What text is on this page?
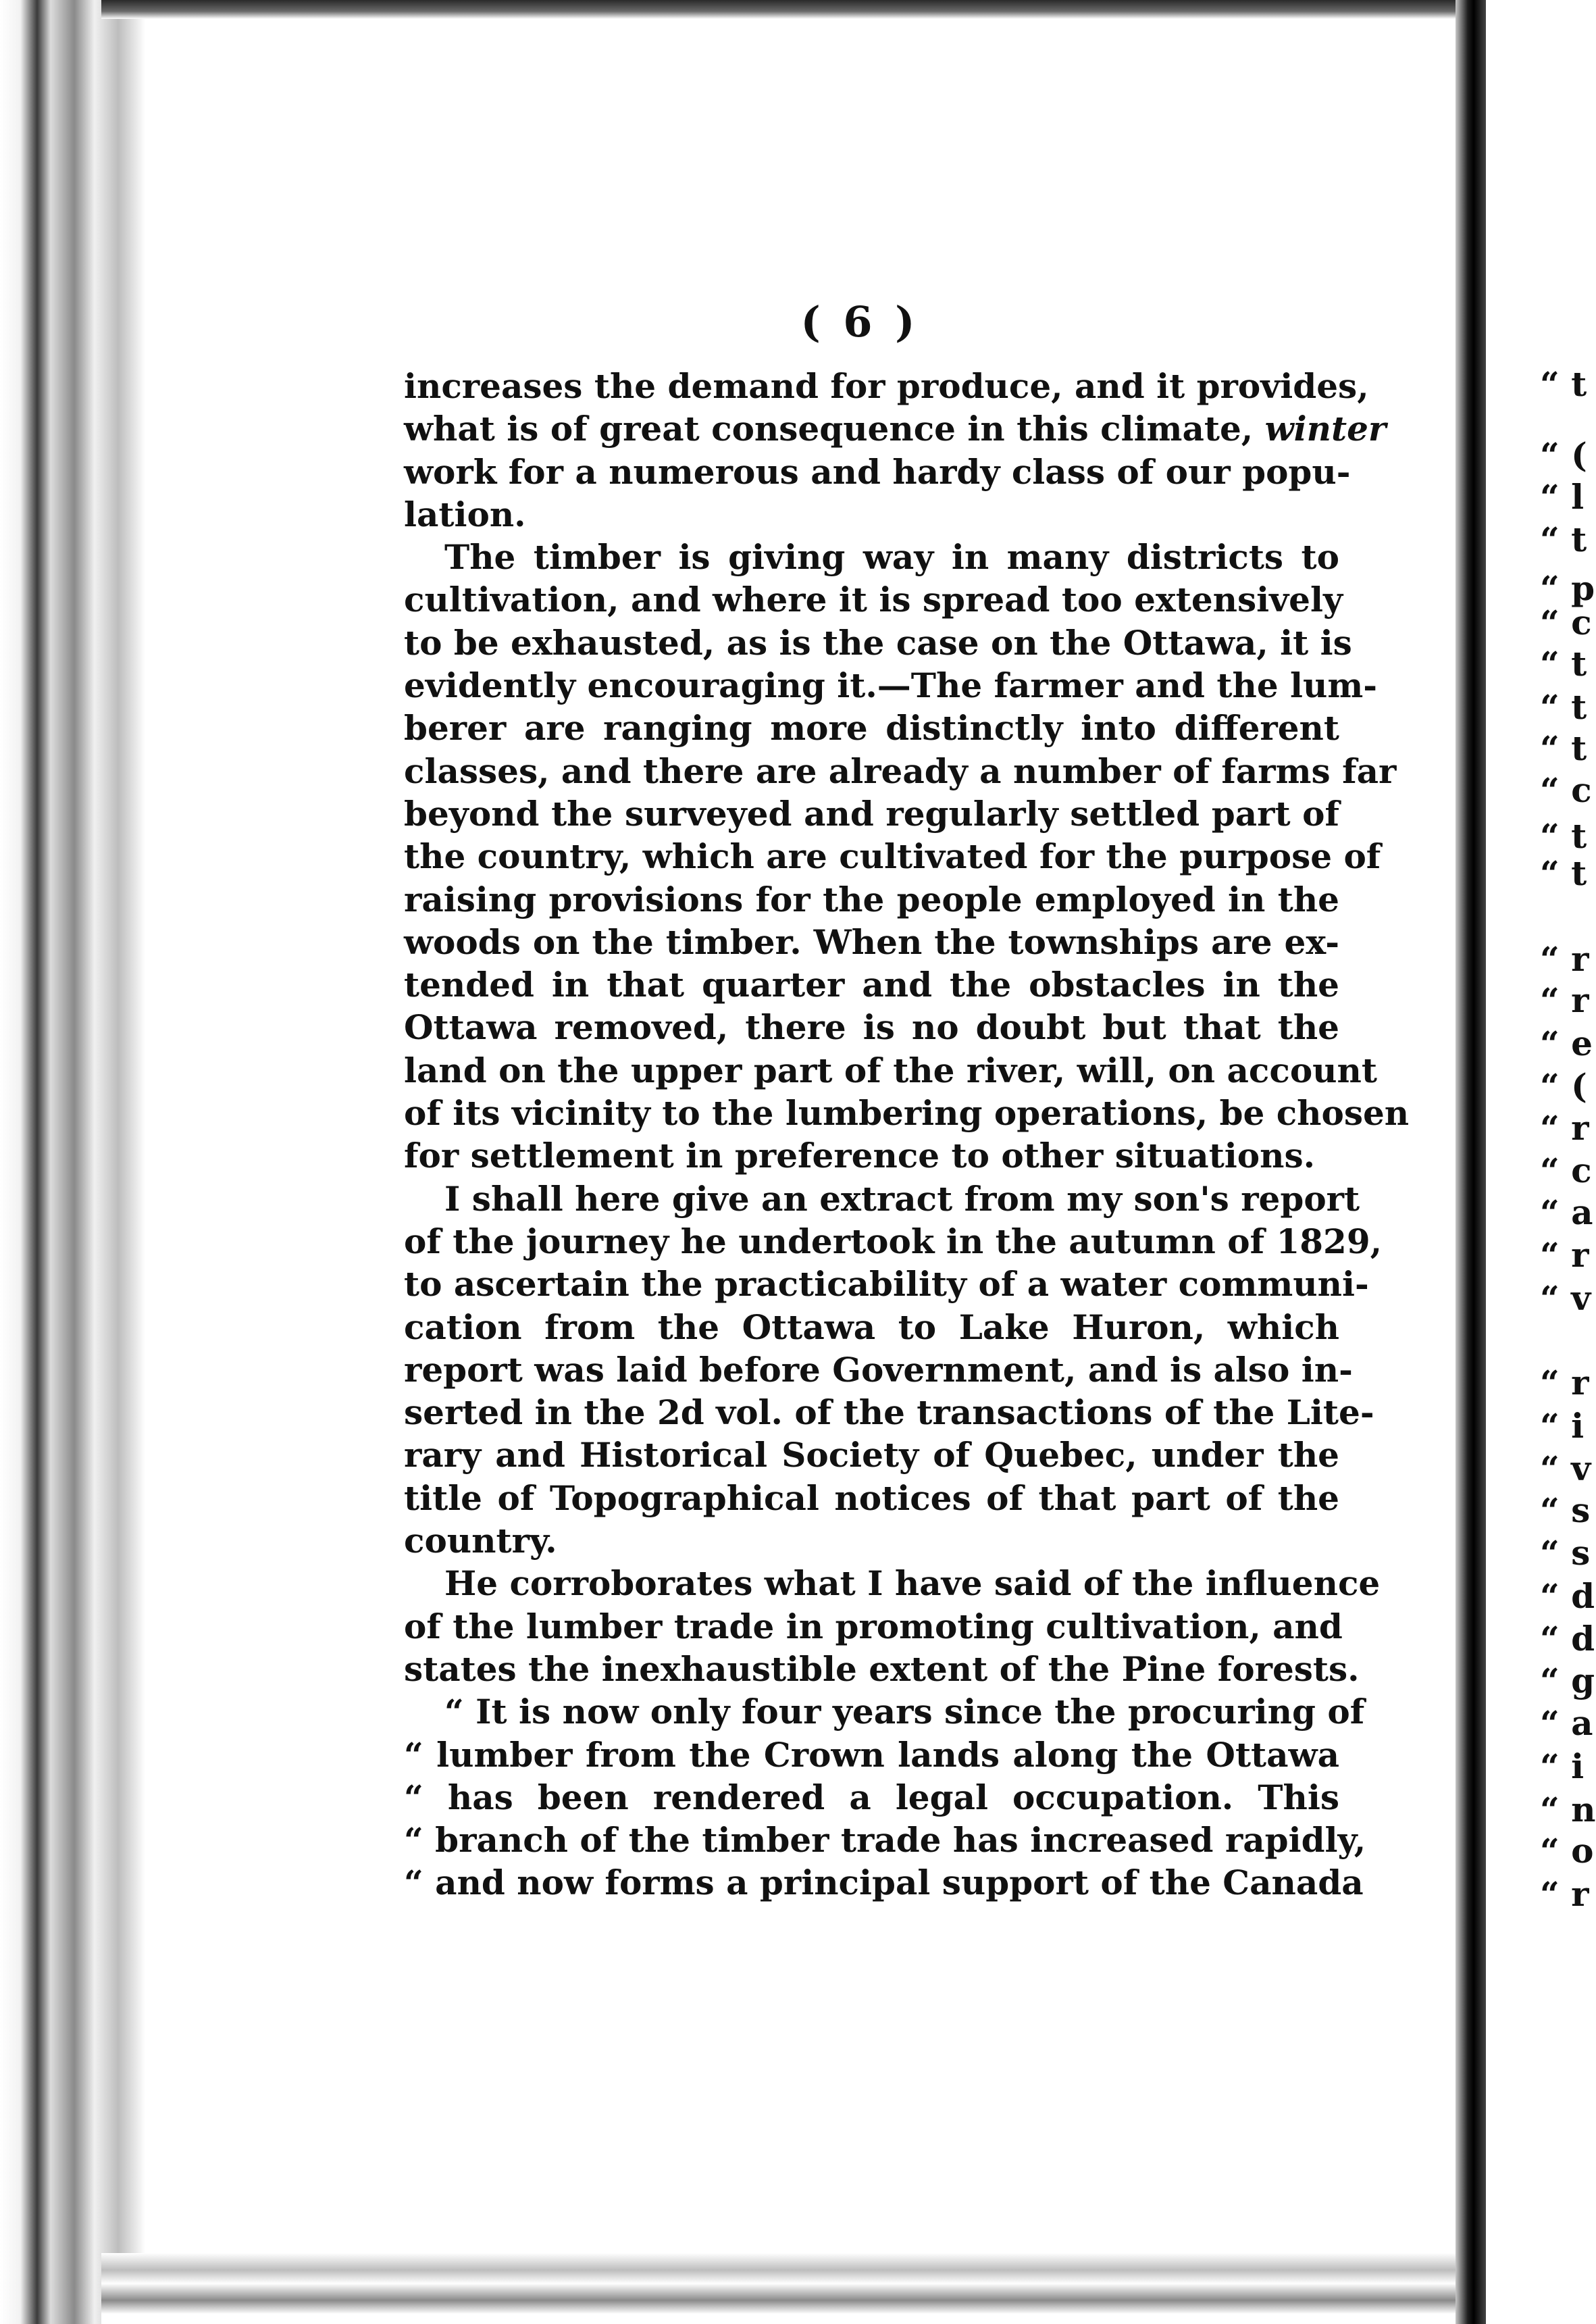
“ t
“ (
“ l
“ t
“ p
“ c
“ t
“ t
“ t
“ c
“ t
“ t
“ r
“ r
“ e
“ (
“ r
“ c
“ a
“ r
“ v
“ r
“ i
“ v
“ s
“ s
“ d
“ d
“ g
“ a
“ i
“ n
“ o
“ r
( 6 )
increases the demand for produce, and it provides,
what is of great consequence in this climate, winter
work for a numerous and hardy class of our popu-
lation.
The timber is giving way in many districts to
cultivation, and where it is spread too extensively
to be exhausted, as is the case on the Ottawa, it is
evidently encouraging it.—The farmer and the lum-
berer are ranging more distinctly into different
classes, and there are already a number of farms far
beyond the surveyed and regularly settled part of
the country, which are cultivated for the purpose of
raising provisions for the people employed in the
woods on the timber. When the townships are ex-
tended in that quarter and the obstacles in the
Ottawa removed, there is no doubt but that the
land on the upper part of the river, will, on account
of its vicinity to the lumbering operations, be chosen
for settlement in preference to other situations.
I shall here give an extract from my son's report
of the journey he undertook in the autumn of 1829,
to ascertain the practicability of a water communi-
cation from the Ottawa to Lake Huron, which
report was laid before Government, and is also in-
serted in the 2d vol. of the transactions of the Lite-
rary and Historical Society of Quebec, under the
title of Topographical notices of that part of the
country.
He corroborates what I have said of the influence
of the lumber trade in promoting cultivation, and
states the inexhaustible extent of the Pine forests.
“ It is now only four years since the procuring of
“ lumber from the Crown lands along the Ottawa
“ has been rendered a legal occupation. This
“ branch of the timber trade has increased rapidly,
“ and now forms a principal support of the Canada
